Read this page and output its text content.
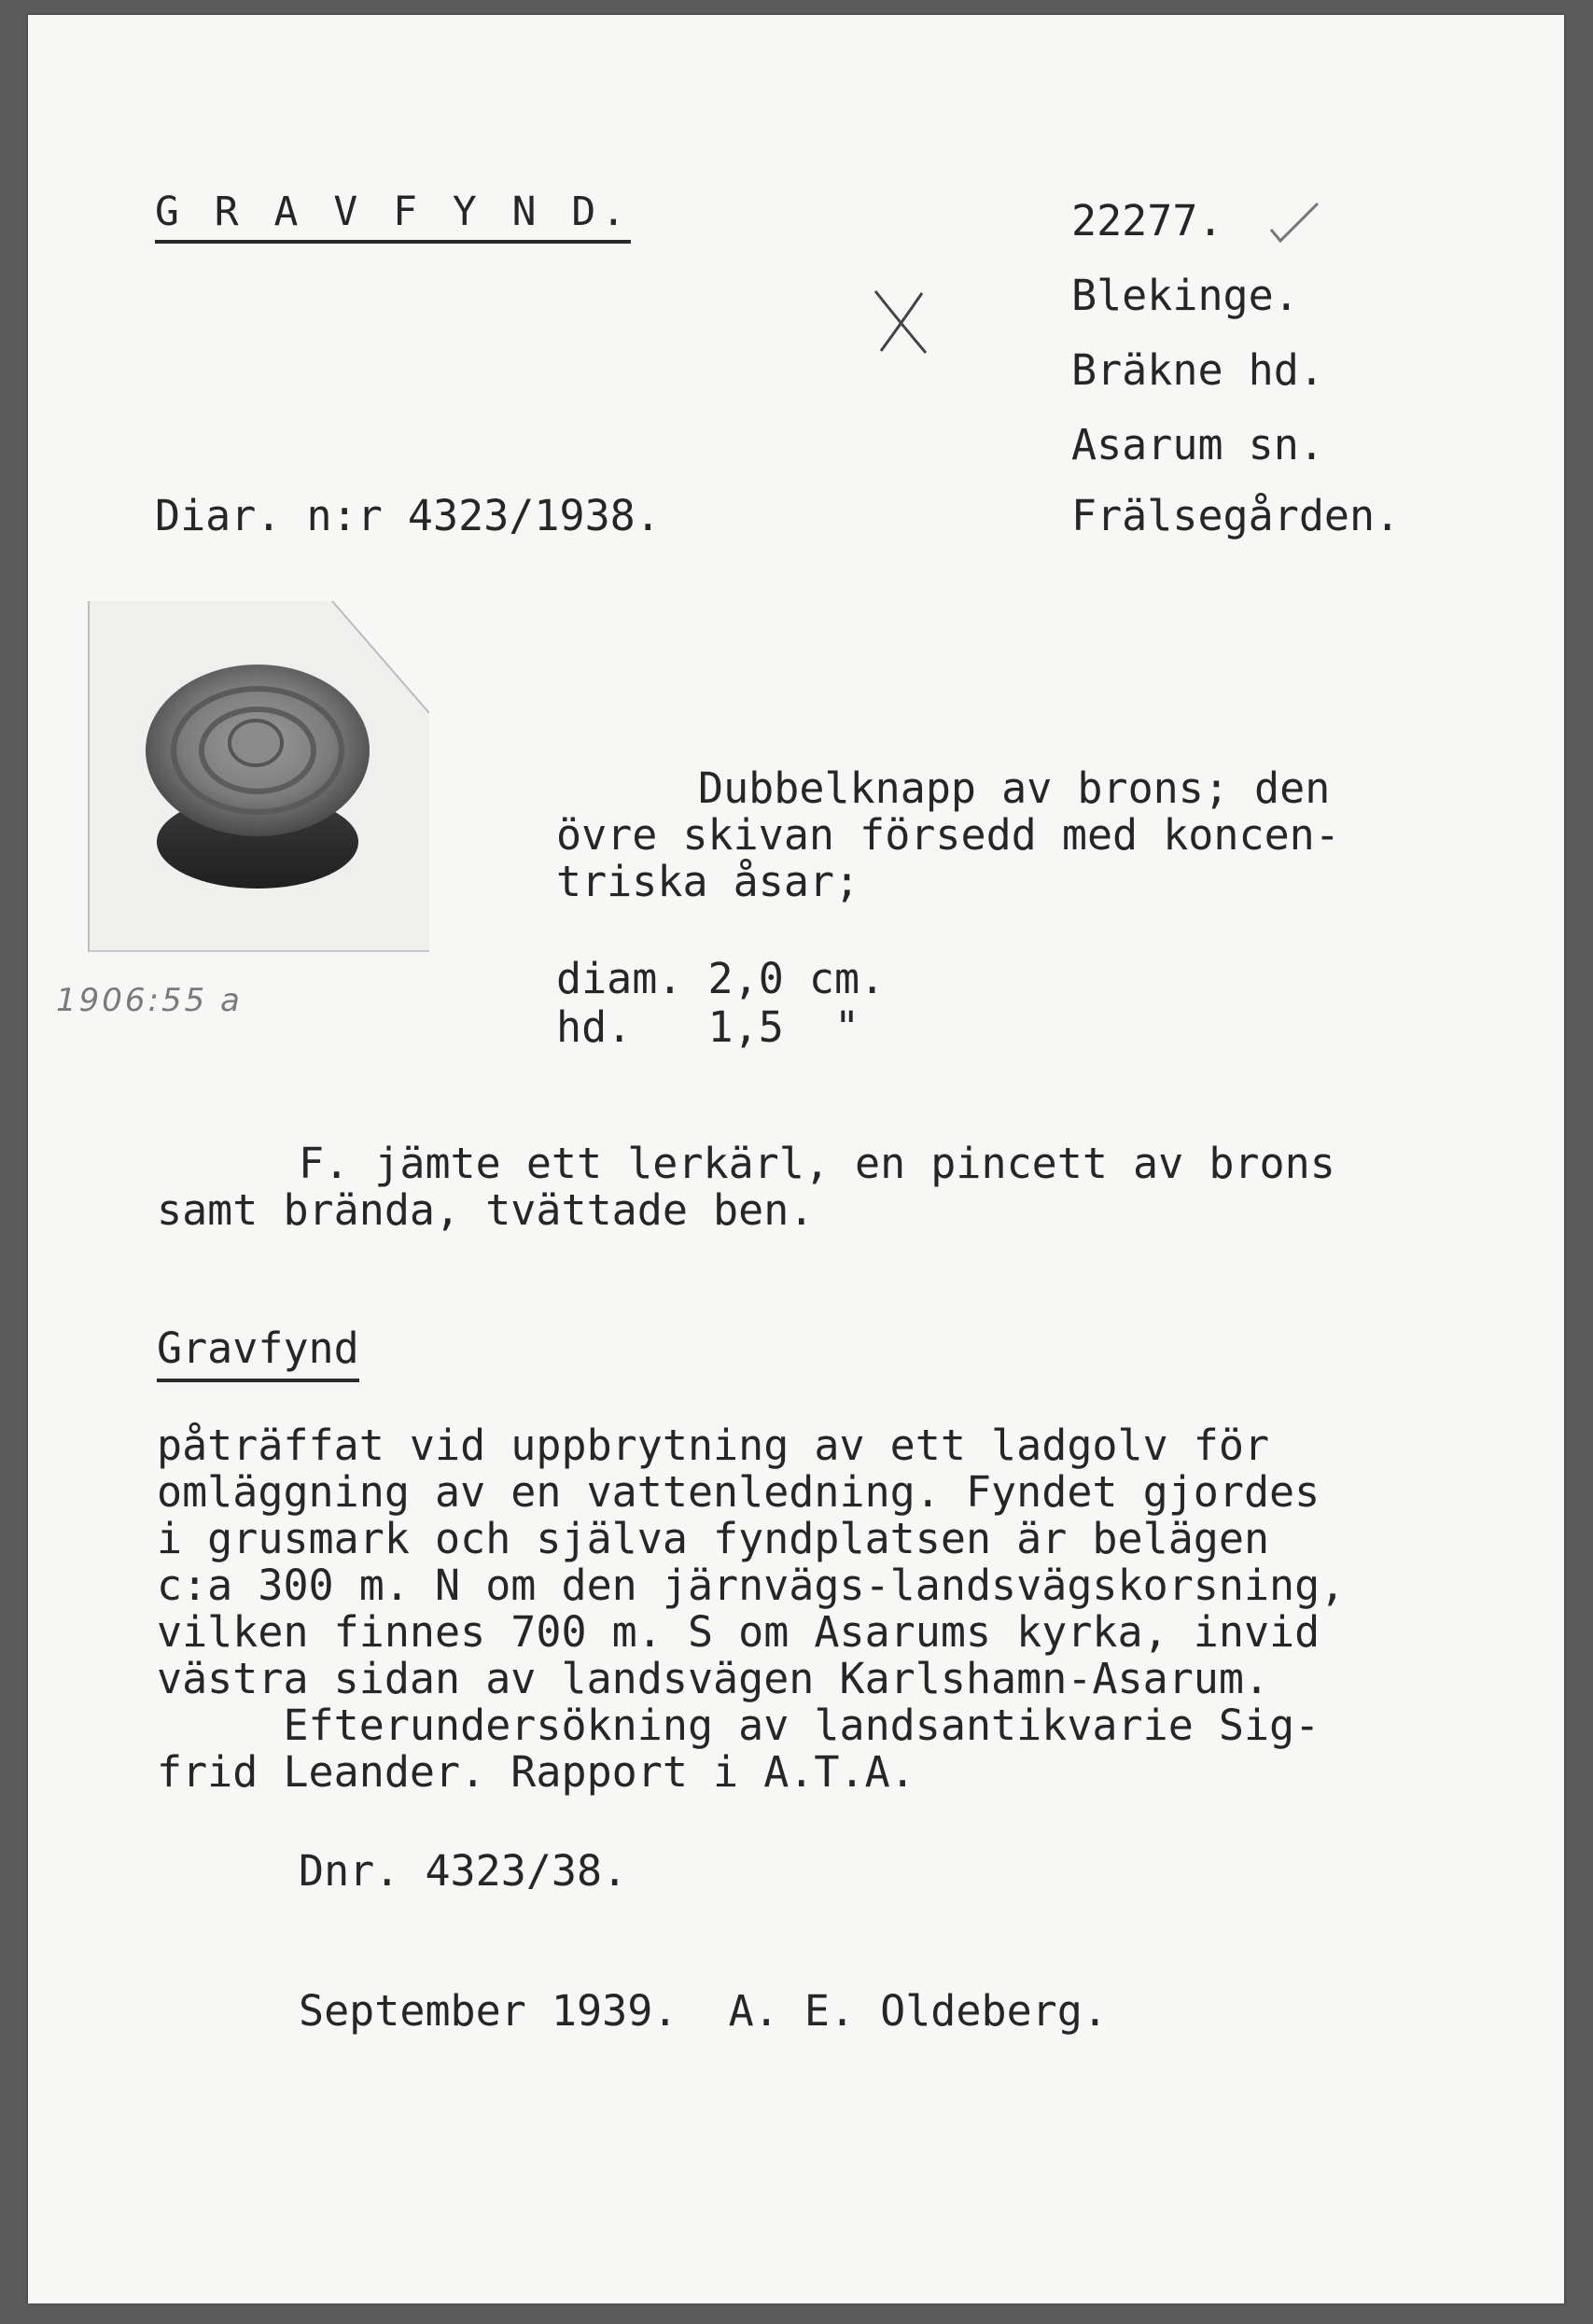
G R A V F Y N D.	22277.
Blekinge.
Bräkne hd.
Asarum sn.
Frälsegården.
Diar. n:r 4323/1938.
1906:55 a
Dubbelknapp av brons; den
övre skivan försedd med koncen-
triska åsar;
diam. 2,0 cm.
hd.   1,5  "
F. jämte ett lerkärl, en pincett av brons
samt brända, tvättade ben.
Gravfynd
påträffat vid uppbrytning av ett ladgolv för
omläggning av en vattenledning. Fyndet gjordes
i grusmark och själva fyndplatsen är belägen
c:a 300 m. N om den järnvägs-landsvägskorsning,
vilken finnes 700 m. S om Asarums kyrka, invid
västra sidan av landsvägen Karlshamn-Asarum.
Efterundersökning av landsantikvarie Sig-
frid Leander. Rapport i A.T.A.
Dnr. 4323/38.
September 1939.  A. E. Oldeberg.
